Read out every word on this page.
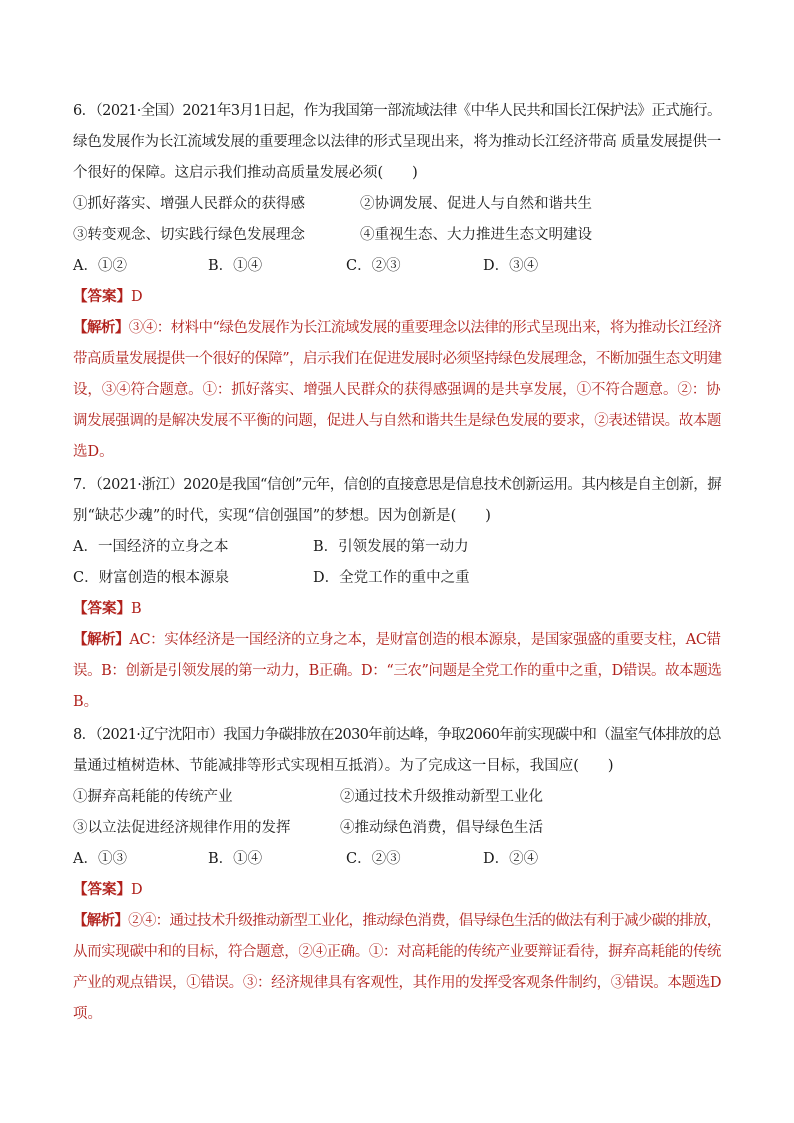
6．（2021·全国）2021年3月1日起，作为我国第一部流域法律《中华人民共和国长江保护法》正式施行。
绿色发展作为长江流域发展的重要理念以法律的形式呈现出来，将为推动长江经济带高 质量发展提供一
个很好的保障。这启示我们推动高质量发展必须(　　)
①抓好落实、增强人民群众的获得感	②协调发展、促进人与自然和谐共生
③转变观念、切实践行绿色发展理念	④重视生态、大力推进生态文明建设
A．①②	B．①④	C．②③	D．③④
【答案】D
【解析】③④：材料中“绿色发展作为长江流域发展的重要理念以法律的形式呈现出来，将为推动长江经济
带高质量发展提供一个很好的保障”，启示我们在促进发展时必须坚持绿色发展理念，不断加强生态文明建
设，③④符合题意。①：抓好落实、增强人民群众的获得感强调的是共享发展，①不符合题意。②：协
调发展强调的是解决发展不平衡的问题，促进人与自然和谐共生是绿色发展的要求，②表述错误。故本题
选D。
7．（2021·浙江）2020是我国“信创”元年，信创的直接意思是信息技术创新运用。其内核是自主创新，摒
别“缺芯少魂”的时代，实现“信创强国”的梦想。因为创新是(　　)
A．一国经济的立身之本	B．引领发展的第一动力
C．财富创造的根本源泉	D．全党工作的重中之重
【答案】B
【解析】AC：实体经济是一国经济的立身之本，是财富创造的根本源泉，是国家强盛的重要支柱，AC错
误。B：创新是引领发展的第一动力，B正确。D：“三农”问题是全党工作的重中之重，D错误。故本题选
B。
8．（2021·辽宁沈阳市）我国力争碳排放在2030年前达峰，争取2060年前实现碳中和（温室气体排放的总
量通过植树造林、节能减排等形式实现相互抵消）。为了完成这一目标，我国应(　　)
①摒弃高耗能的传统产业	②通过技术升级推动新型工业化
③以立法促进经济规律作用的发挥	④推动绿色消费，倡导绿色生活
A．①③	B．①④	C．②③	D．②④
【答案】D
【解析】②④：通过技术升级推动新型工业化，推动绿色消费，倡导绿色生活的做法有利于减少碳的排放，
从而实现碳中和的目标，符合题意，②④正确。①：对高耗能的传统产业要辩证看待，摒弃高耗能的传统
产业的观点错误，①错误。③：经济规律具有客观性，其作用的发挥受客观条件制约，③错误。本题选D
项。
